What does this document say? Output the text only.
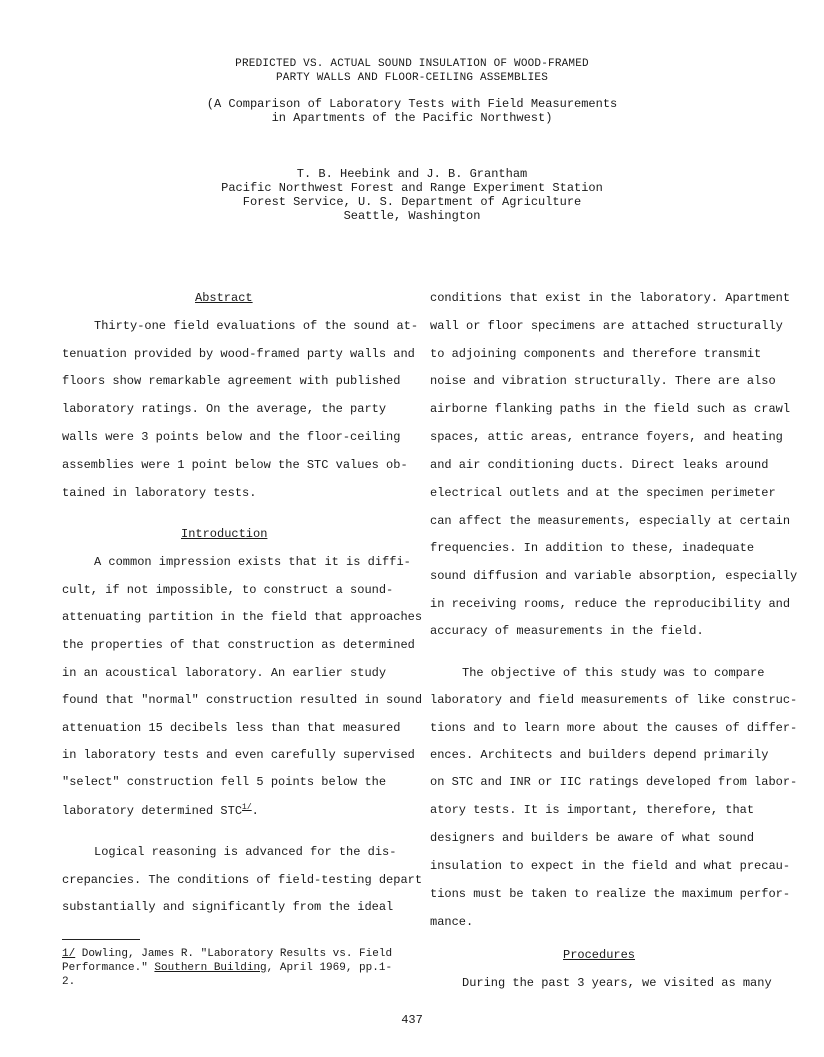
PREDICTED VS. ACTUAL SOUND INSULATION OF WOOD-FRAMED
PARTY WALLS AND FLOOR-CEILING ASSEMBLIES
(A Comparison of Laboratory Tests with Field Measurements
in Apartments of the Pacific Northwest)
T. B. Heebink and J. B. Grantham
Pacific Northwest Forest and Range Experiment Station
Forest Service, U. S. Department of Agriculture
Seattle, Washington
Abstract
Thirty-one field evaluations of the sound at-
tenuation provided by wood-framed party walls and
floors show remarkable agreement with published
laboratory ratings. On the average, the party
walls were 3 points below and the floor-ceiling
assemblies were 1 point below the STC values ob-
tained in laboratory tests.
Introduction
A common impression exists that it is diffi-
cult, if not impossible, to construct a sound-
attenuating partition in the field that approaches
the properties of that construction as determined
in an acoustical laboratory. An earlier study
found that "normal" construction resulted in sound
attenuation 15 decibels less than that measured
in laboratory tests and even carefully supervised
"select" construction fell 5 points below the
laboratory determined $STC^{1/}$.
Logical reasoning is advanced for the dis-
crepancies. The conditions of field-testing depart
substantially and significantly from the ideal
1/ Dowling, James R. "Laboratory Results vs. Field
Performance." Southern Building, April 1969, pp.1-
2.
conditions that exist in the laboratory. Apartment
wall or floor specimens are attached structurally
to adjoining components and therefore transmit
noise and vibration structurally. There are also
airborne flanking paths in the field such as crawl
spaces, attic areas, entrance foyers, and heating
and air conditioning ducts. Direct leaks around
electrical outlets and at the specimen perimeter
can affect the measurements, especially at certain
frequencies. In addition to these, inadequate
sound diffusion and variable absorption, especially
in receiving rooms, reduce the reproducibility and
accuracy of measurements in the field.
The objective of this study was to compare
laboratory and field measurements of like construc-
tions and to learn more about the causes of differ-
ences. Architects and builders depend primarily
on STC and INR or IIC ratings developed from labor-
atory tests. It is important, therefore, that
designers and builders be aware of what sound
insulation to expect in the field and what precau-
tions must be taken to realize the maximum perfor-
mance.
Procedures
During the past 3 years, we visited as many
437
